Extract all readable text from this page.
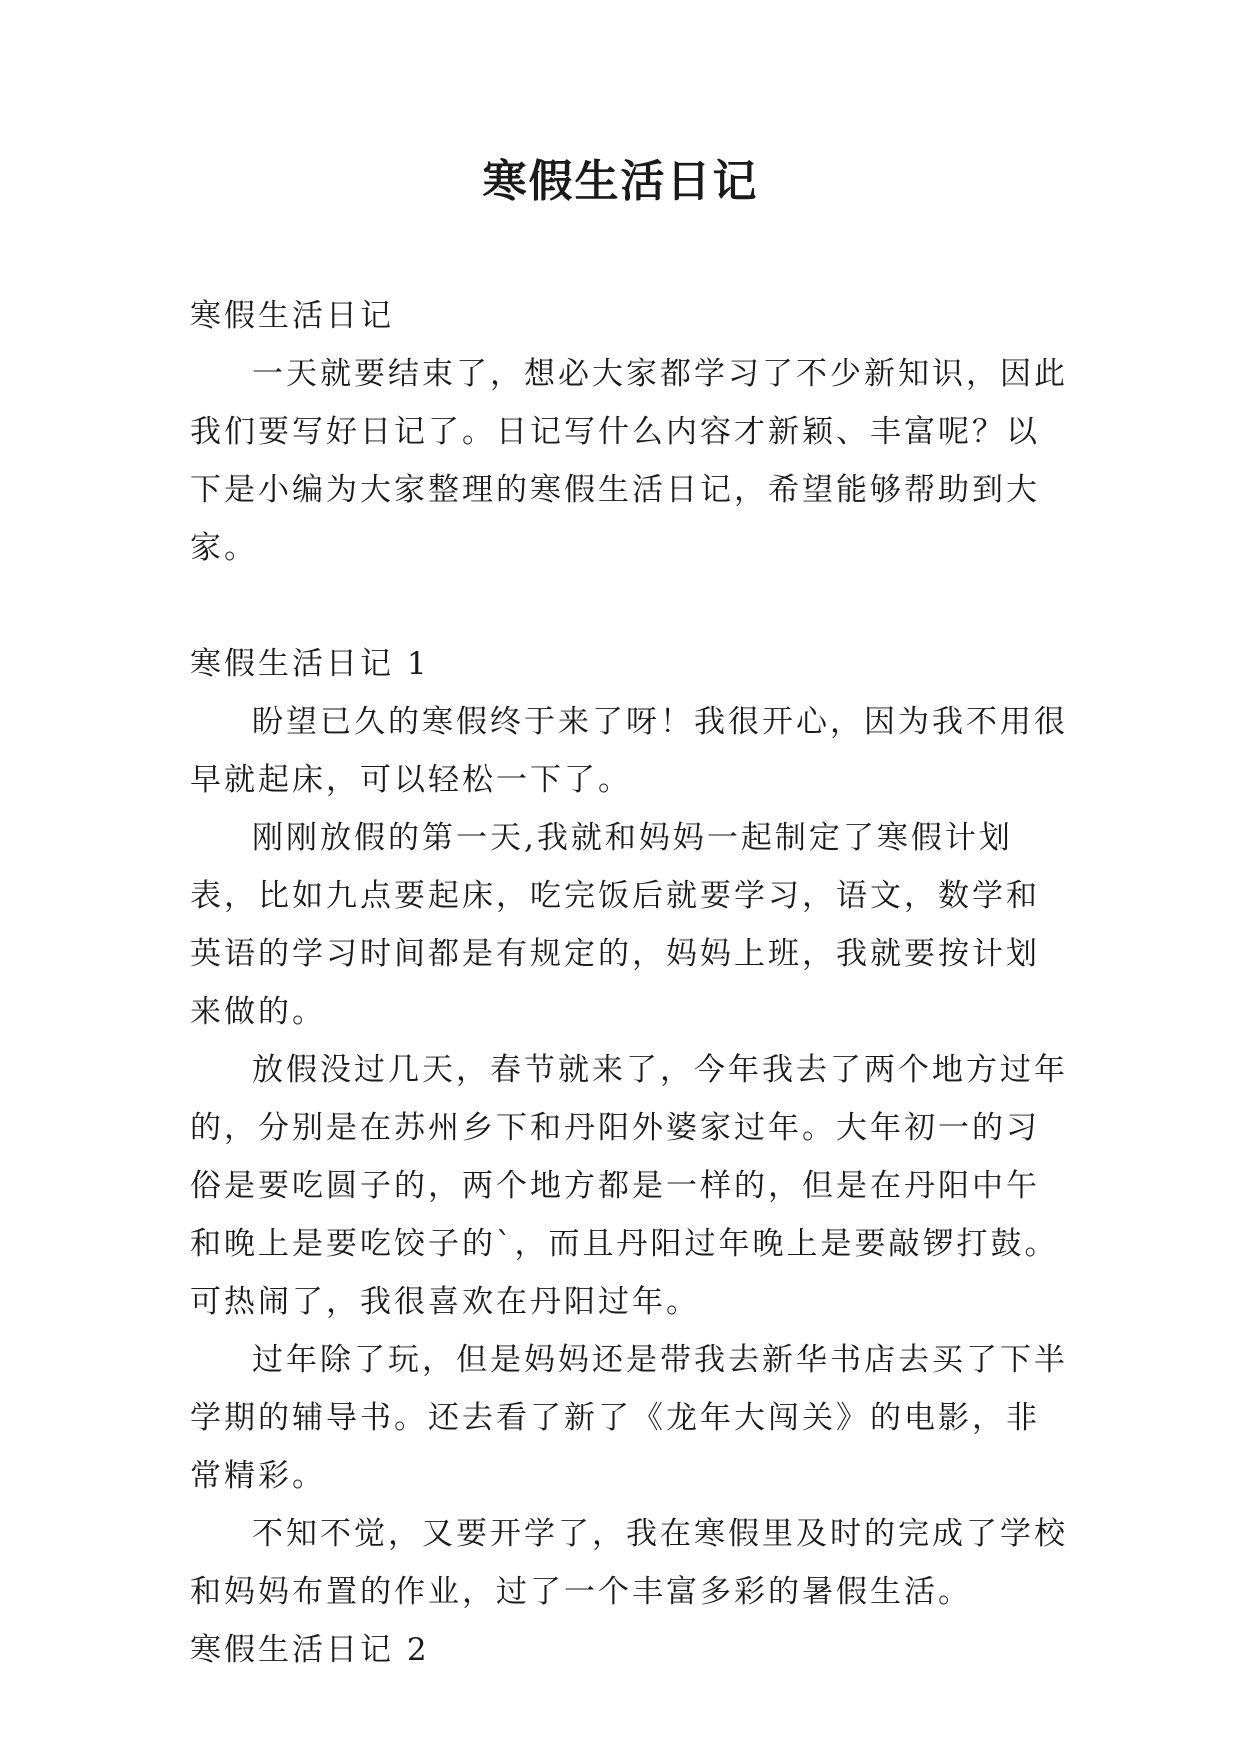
寒假生活日记

寒假生活日记

一天就要结束了，想必大家都学习了不少新知识，因此我们要写好日记了。日记写什么内容才新颖、丰富呢？以下是小编为大家整理的寒假生活日记，希望能够帮助到大家。

寒假生活日记 1

盼望已久的寒假终于来了呀！我很开心，因为我不用很早就起床，可以轻松一下了。

刚刚放假的第一天,我就和妈妈一起制定了寒假计划表，比如九点要起床，吃完饭后就要学习，语文，数学和英语的学习时间都是有规定的，妈妈上班，我就要按计划来做的。

放假没过几天，春节就来了，今年我去了两个地方过年的，分别是在苏州乡下和丹阳外婆家过年。大年初一的习俗是要吃圆子的，两个地方都是一样的，但是在丹阳中午和晚上是要吃饺子的`，而且丹阳过年晚上是要敲锣打鼓。可热闹了，我很喜欢在丹阳过年。

过年除了玩，但是妈妈还是带我去新华书店去买了下半学期的辅导书。还去看了新了《龙年大闯关》的电影，非常精彩。

不知不觉，又要开学了，我在寒假里及时的完成了学校和妈妈布置的作业，过了一个丰富多彩的暑假生活。

寒假生活日记 2
